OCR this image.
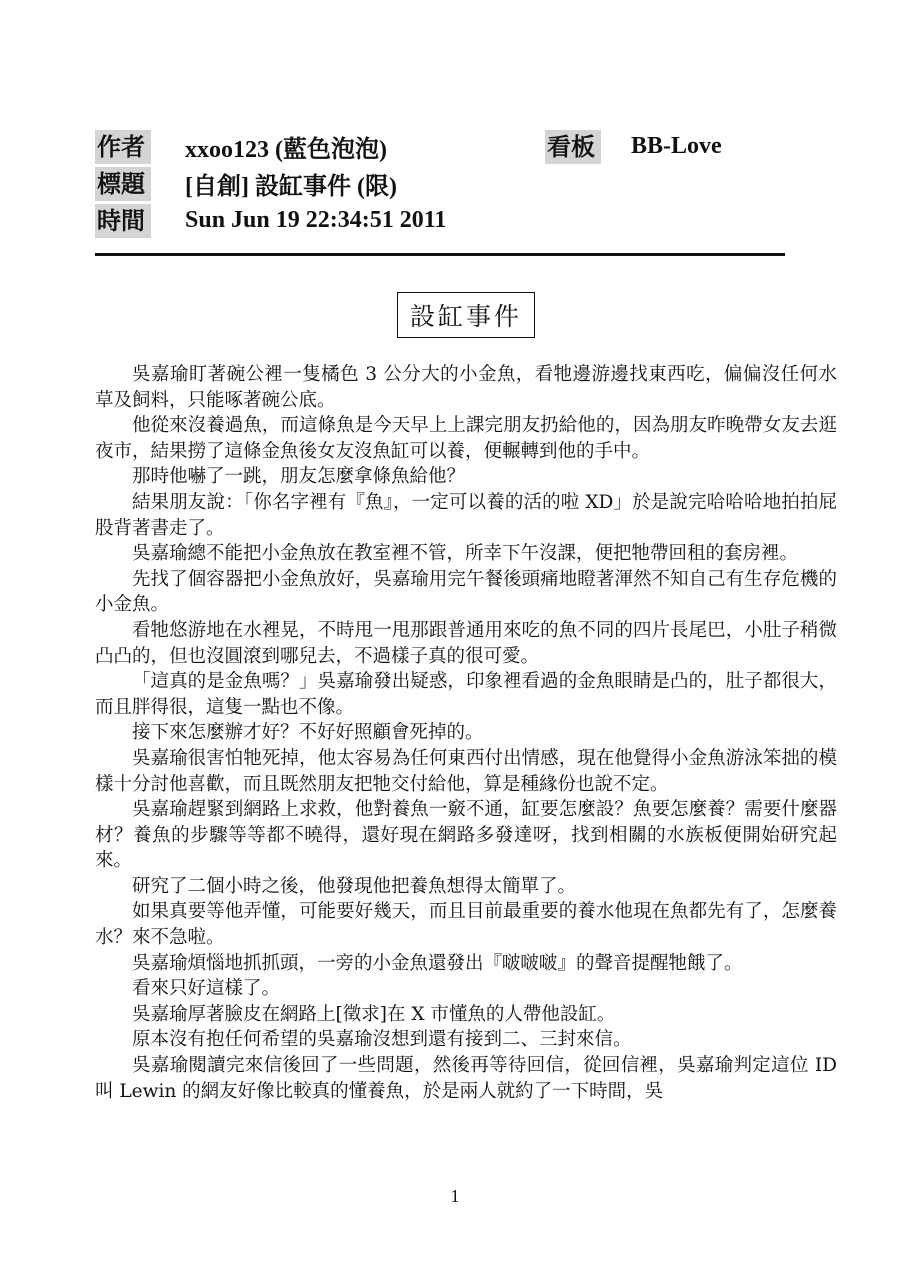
作者 xxoo123 (藍色泡泡)	看板 BB-Love
標題 [自創] 設缸事件 (限)
時間 Sun Jun 19 22:34:51 2011
設缸事件

吳嘉瑜盯著碗公裡一隻橘色 3 公分大的小金魚，看牠邊游邊找東西吃，偏偏沒任何水草及飼料，只能啄著碗公底。

他從來沒養過魚，而這條魚是今天早上上課完朋友扔給他的，因為朋友昨晚帶女友去逛夜市，結果撈了這條金魚後女友沒魚缸可以養，便輾轉到他的手中。

那時他嚇了一跳，朋友怎麼拿條魚給他？

結果朋友說：「你名字裡有『魚』，一定可以養的活的啦 XD」於是說完哈哈哈地拍拍屁股背著書走了。

吳嘉瑜總不能把小金魚放在教室裡不管，所幸下午沒課，便把牠帶回租的套房裡。

先找了個容器把小金魚放好，吳嘉瑜用完午餐後頭痛地瞪著渾然不知自己有生存危機的小金魚。

看牠悠游地在水裡晃，不時甩一甩那跟普通用來吃的魚不同的四片長尾巴，小肚子稍微凸凸的，但也沒圓滾到哪兒去，不過樣子真的很可愛。

「這真的是金魚嗎？」吳嘉瑜發出疑惑，印象裡看過的金魚眼睛是凸的，肚子都很大，而且胖得很，這隻一點也不像。

接下來怎麼辦才好？不好好照顧會死掉的。

吳嘉瑜很害怕牠死掉，他太容易為任何東西付出情感，現在他覺得小金魚游泳笨拙的模樣十分討他喜歡，而且既然朋友把牠交付給他，算是種緣份也說不定。

吳嘉瑜趕緊到網路上求救，他對養魚一竅不通，缸要怎麼設？魚要怎麼養？需要什麼器材？養魚的步驟等等都不曉得，還好現在網路多發達呀，找到相關的水族板便開始研究起來。

研究了二個小時之後，他發現他把養魚想得太簡單了。

如果真要等他弄懂，可能要好幾天，而且目前最重要的養水他現在魚都先有了，怎麼養水？來不急啦。

吳嘉瑜煩惱地抓抓頭，一旁的小金魚還發出『啵啵啵』的聲音提醒牠餓了。

看來只好這樣了。

吳嘉瑜厚著臉皮在網路上[徵求]在 X 市懂魚的人帶他設缸。

原本沒有抱任何希望的吳嘉瑜沒想到還有接到二、三封來信。

吳嘉瑜閱讀完來信後回了一些問題，然後再等待回信，從回信裡，吳嘉瑜判定這位 ID 叫 Lewin 的網友好像比較真的懂養魚，於是兩人就約了一下時間，吳

1
